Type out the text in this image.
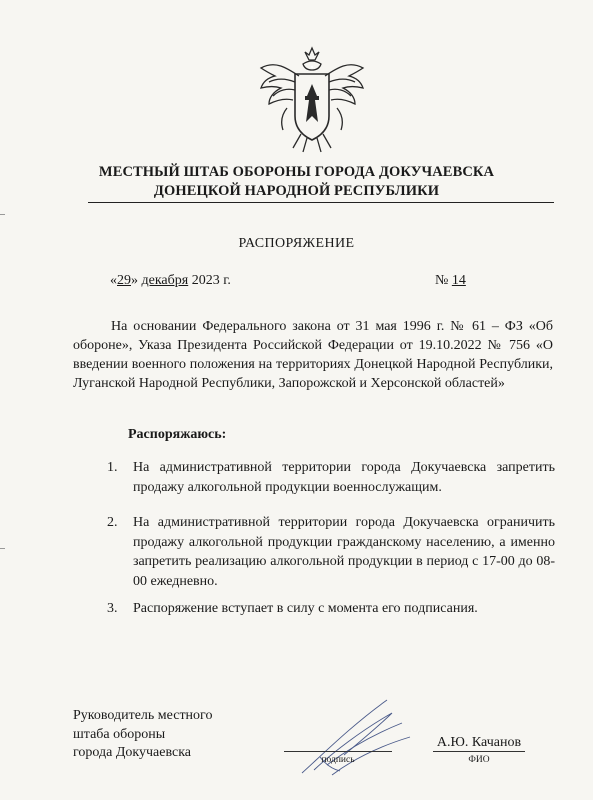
МЕСТНЫЙ ШТАБ ОБОРОНЫ ГОРОДА ДОКУЧАЕВСКА
ДОНЕЦКОЙ НАРОДНОЙ РЕСПУБЛИКИ
РАСПОРЯЖЕНИЕ
«29» декабря 2023 г.	№ 14
На основании Федерального закона от 31 мая 1996 г. № 61 – ФЗ «Об обороне», Указа Президента Российской Федерации от 19.10.2022 № 756 «О введении военного положения на территориях Донецкой Народной Республики, Луганской Народной Республики, Запорожской и Херсонской областей»
Распоряжаюсь:
1. На административной территории города Докучаевска запретить продажу алкогольной продукции военнослужащим.
2. На административной территории города Докучаевска ограничить продажу алкогольной продукции гражданскому населению, а именно запретить реализацию алкогольной продукции в период с 17-00 до 08-00 ежедневно.
3. Распоряжение вступает в силу с момента его подписания.
Руководитель местного
штаба обороны
города Докучаевска	подпись
А.Ю. Качанов
ФИО
